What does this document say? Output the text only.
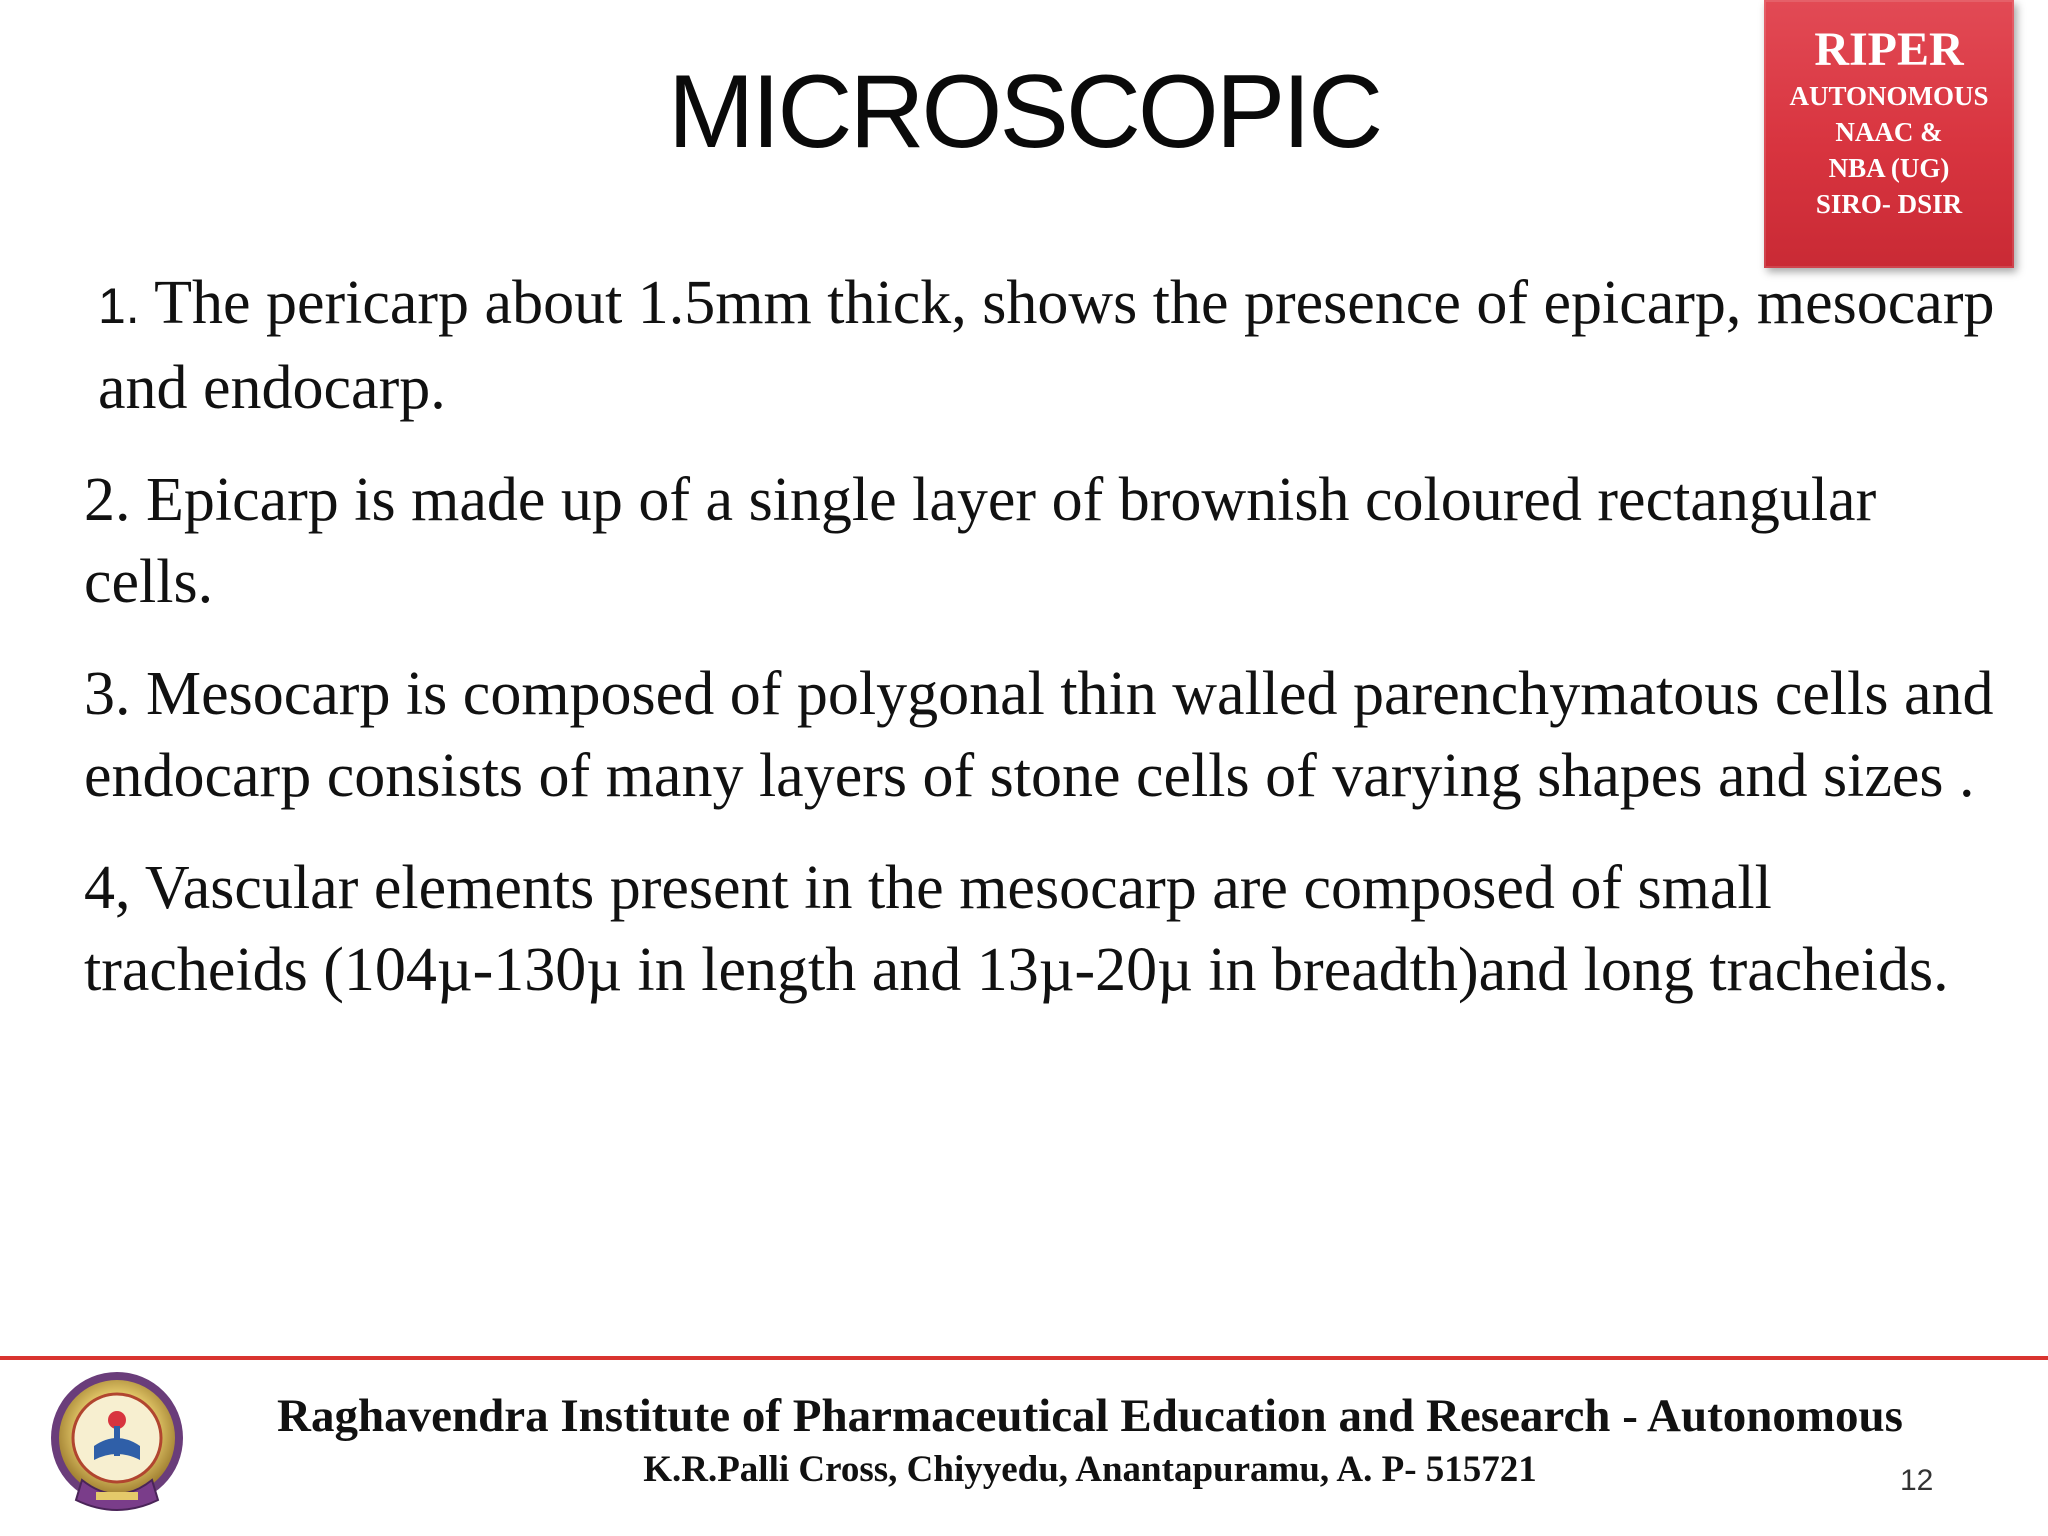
MICROSCOPIC
RIPER
AUTONOMOUS
NAAC &
NBA (UG)
SIRO- DSIR

1. The pericarp about 1.5mm thick, shows the presence of epicarp, mesocarp and endocarp.

2. Epicarp is made up of a single layer of brownish coloured rectangular cells.

3. Mesocarp is composed of polygonal thin walled parenchymatous cells and endocarp consists of many layers of stone cells of varying shapes and sizes .

4, Vascular elements present in the mesocarp are composed of small tracheids (104µ-130µ in length and 13µ-20µ in breadth)and long tracheids.

Raghavendra Institute of Pharmaceutical Education and Research - Autonomous
K.R.Palli Cross, Chiyyedu, Anantapuramu, A. P- 515721	12
